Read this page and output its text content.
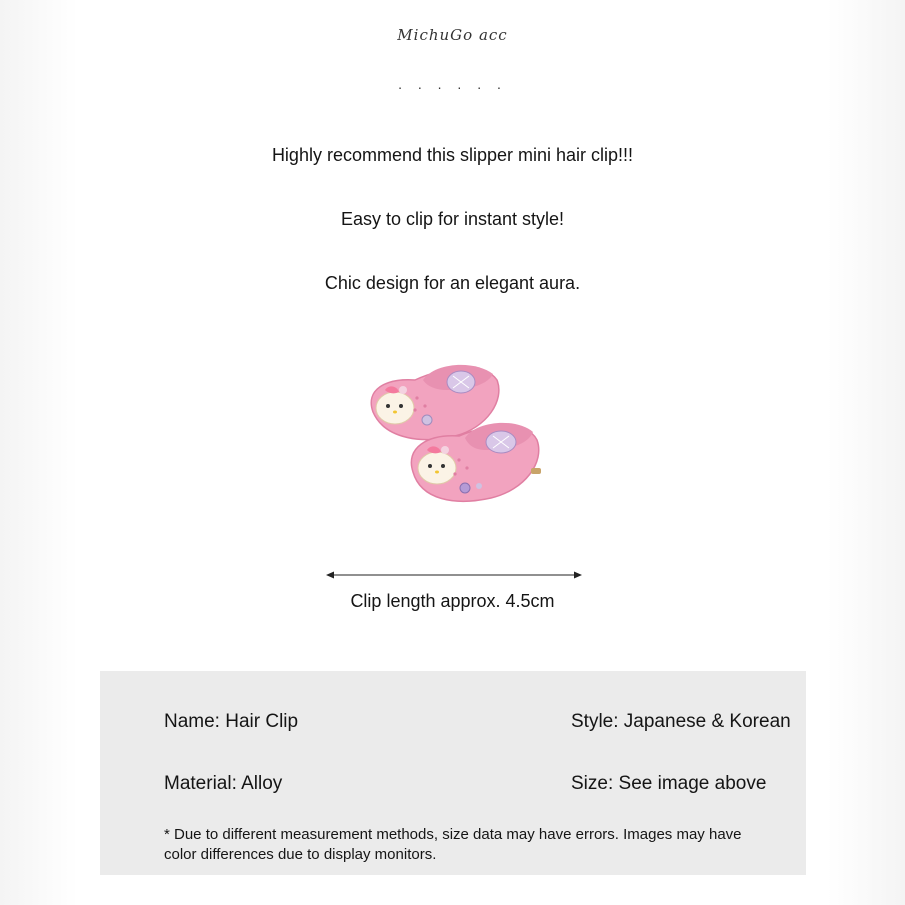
MichuGo acc
. . . . . .
Highly recommend this slipper mini hair clip!!!
Easy to clip for instant style!
Chic design for an elegant aura.
Clip length approx. 4.5cm
Name: Hair Clip	Style: Japanese & Korean
Material: Alloy	Size: See image above
* Due to different measurement methods, size data may have errors. Images may have color differences due to display monitors.
